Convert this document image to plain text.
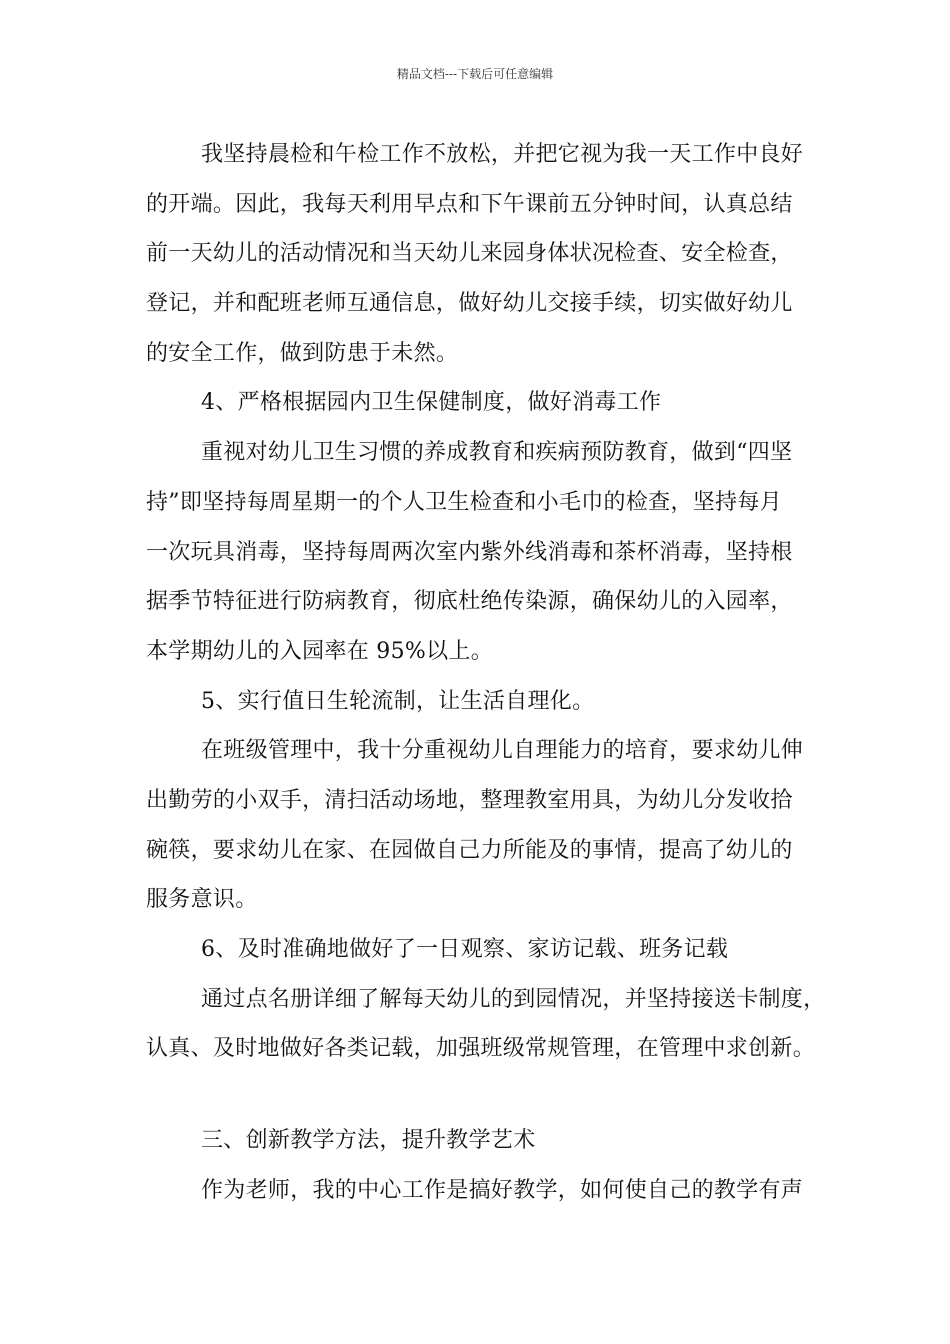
精品文档---下载后可任意编辑
我坚持晨检和午检工作不放松，并把它视为我一天工作中良好
的开端。因此，我每天利用早点和下午课前五分钟时间，认真总结
前一天幼儿的活动情况和当天幼儿来园身体状况检查、安全检查，
登记，并和配班老师互通信息，做好幼儿交接手续，切实做好幼儿
的安全工作，做到防患于未然。
4、严格根据园内卫生保健制度，做好消毒工作
重视对幼儿卫生习惯的养成教育和疾病预防教育，做到“四坚
持”即坚持每周星期一的个人卫生检查和小毛巾的检查，坚持每月
一次玩具消毒，坚持每周两次室内紫外线消毒和茶杯消毒，坚持根
据季节特征进行防病教育，彻底杜绝传染源，确保幼儿的入园率，
本学期幼儿的入园率在 95%以上。
5、实行值日生轮流制，让生活自理化。
在班级管理中，我十分重视幼儿自理能力的培育，要求幼儿伸
出勤劳的小双手，清扫活动场地，整理教室用具，为幼儿分发收拾
碗筷，要求幼儿在家、在园做自己力所能及的事情，提高了幼儿的
服务意识。
6、及时准确地做好了一日观察、家访记载、班务记载
通过点名册详细了解每天幼儿的到园情况，并坚持接送卡制度，
认真、及时地做好各类记载，加强班级常规管理，在管理中求创新。
三、创新教学方法，提升教学艺术
作为老师，我的中心工作是搞好教学，如何使自己的教学有声
